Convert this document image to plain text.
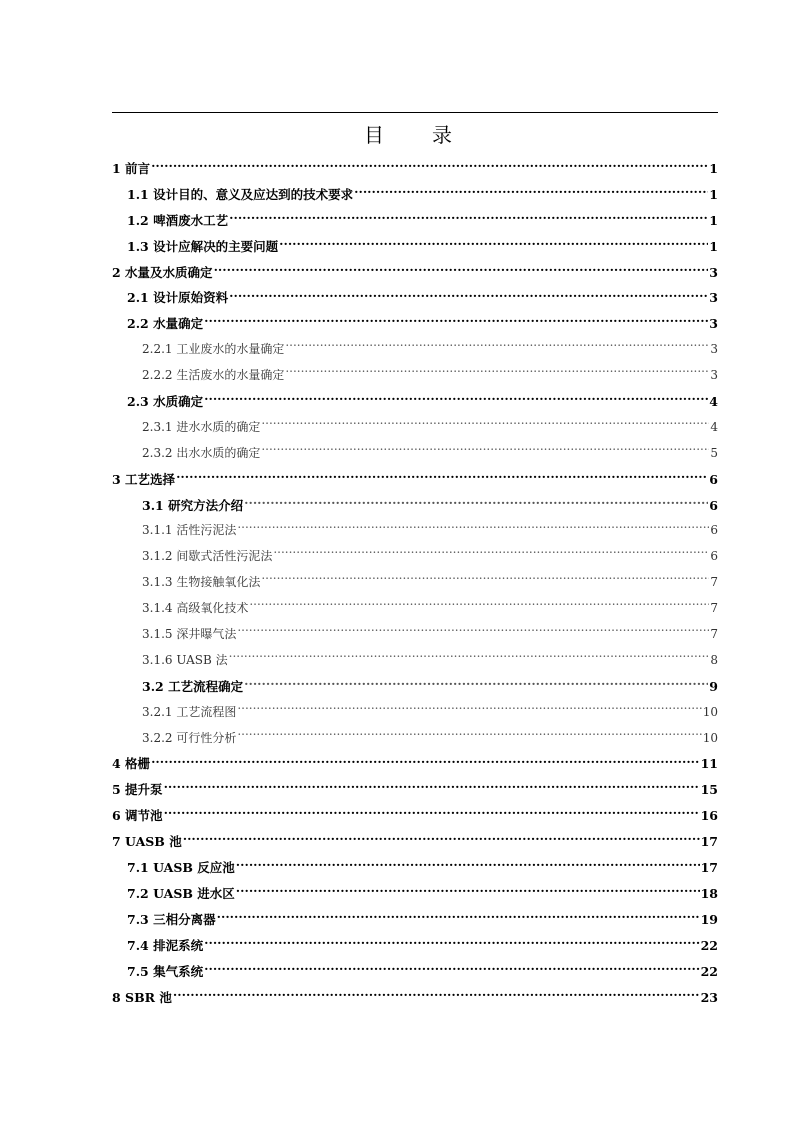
目　录
1 前言 .....	1
1.1 设计目的、意义及应达到的技术要求 .....	1
1.2 啤酒废水工艺 .....	1
1.3 设计应解决的主要问题 .....	1
2 水量及水质确定 .....	3
2.1 设计原始资料 .....	3
2.2 水量确定 .....	3
2.2.1 工业废水的水量确定 .....	3
2.2.2 生活废水的水量确定 .....	3
2.3 水质确定 .....	4
2.3.1 进水水质的确定 .....	4
2.3.2 出水水质的确定 .....	5
3 工艺选择 .....	6
3.1 研究方法介绍 .....	6
3.1.1 活性污泥法 .....	6
3.1.2 间歇式活性污泥法 .....	6
3.1.3 生物接触氧化法 .....	7
3.1.4 高级氧化技术 .....	7
3.1.5 深井曝气法 .....	7
3.1.6 UASB 法 .....	8
3.2 工艺流程确定 .....	9
3.2.1 工艺流程图 .....	10
3.2.2 可行性分析 .....	10
4 格栅 .....	11
5 提升泵 .....	15
6 调节池 .....	16
7 UASB 池 .....	17
7.1 UASB 反应池 .....	17
7.2 UASB 进水区 .....	18
7.3 三相分离器 .....	19
7.4 排泥系统 .....	22
7.5 集气系统 .....	22
8 SBR 池 .....	23
